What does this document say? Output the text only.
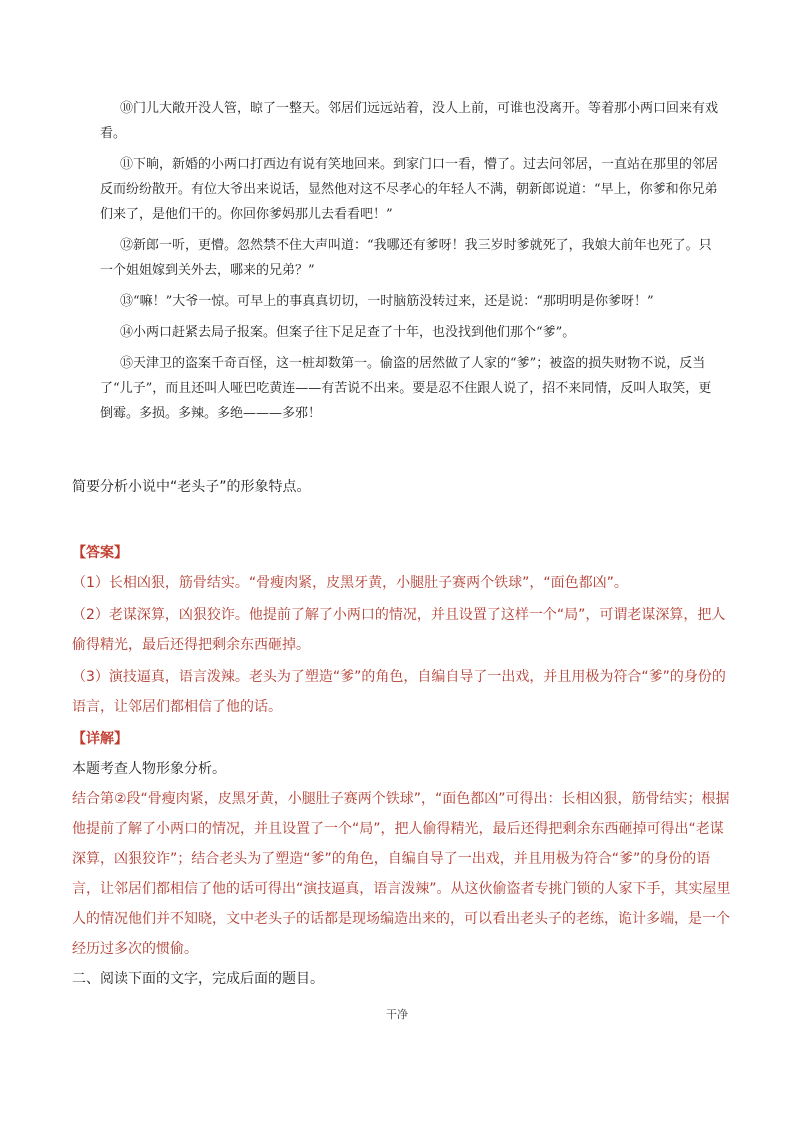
⑩门儿大敞开没人管，晾了一整天。邻居们远远站着，没人上前，可谁也没离开。等着那小两口回来有戏看。

⑪下晌，新婚的小两口打西边有说有笑地回来。到家门口一看，懵了。过去问邻居，一直站在那里的邻居反而纷纷散开。有位大爷出来说话，显然他对这不尽孝心的年轻人不满，朝新郎说道：“早上，你爹和你兄弟们来了，是他们干的。你回你爹妈那儿去看看吧！”

⑫新郎一听，更懵。忽然禁不住大声叫道：“我哪还有爹呀！我三岁时爹就死了，我娘大前年也死了。只一个姐姐嫁到关外去，哪来的兄弟？”

⑬“嘛！”大爷一惊。可早上的事真真切切，一时脑筋没转过来，还是说：“那明明是你爹呀！”

⑭小两口赶紧去局子报案。但案子往下足足查了十年，也没找到他们那个“爹”。

⑮天津卫的盗案千奇百怪，这一桩却数第一。偷盗的居然做了人家的“爹”；被盗的损失财物不说，反当了“儿子”，而且还叫人哑巴吃黄连——有苦说不出来。要是忍不住跟人说了，招不来同情，反叫人取笑，更倒霉。多损。多辣。多绝———多邪！

简要分析小说中“老头子”的形象特点。

【答案】

（1）长相凶狠，筋骨结实。“骨瘦肉紧，皮黑牙黄，小腿肚子赛两个铁球”，“面色都凶”。

（2）老谋深算，凶狠狡诈。他提前了解了小两口的情况，并且设置了这样一个“局”，可谓老谋深算，把人偷得精光，最后还得把剩余东西砸掉。

（3）演技逼真，语言泼辣。老头为了塑造“爹”的角色，自编自导了一出戏，并且用极为符合“爹”的身份的语言，让邻居们都相信了他的话。

【详解】

本题考查人物形象分析。

结合第②段“骨瘦肉紧，皮黑牙黄，小腿肚子赛两个铁球”，“面色都凶”可得出：长相凶狠，筋骨结实；根据他提前了解了小两口的情况，并且设置了一个“局”，把人偷得精光，最后还得把剩余东西砸掉可得出“老谋深算，凶狠狡诈”；结合老头为了塑造“爹”的角色，自编自导了一出戏，并且用极为符合“爹”的身份的语言，让邻居们都相信了他的话可得出“演技逼真，语言泼辣”。从这伙偷盗者专挑门锁的人家下手，其实屋里人的情况他们并不知晓，文中老头子的话都是现场编造出来的，可以看出老头子的老练，诡计多端，是一个经历过多次的惯偷。

二、阅读下面的文字，完成后面的题目。

干净
